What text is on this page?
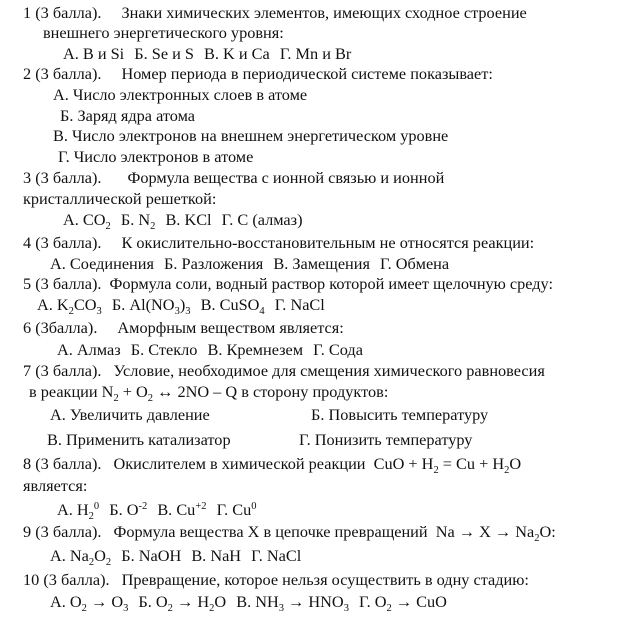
1 (3 балла). Знаки химических элементов, имеющих сходное строение
внешнего энергетического уровня:
А. B и Si Б. Se и S В. K и Ca Г. Mn и Br
2 (3 балла). Номер периода в периодической системе показывает:
А. Число электронных слоев в атоме
Б. Заряд ядра атома
В. Число электронов на внешнем энергетическом уровне
Г. Число электронов в атоме
3 (3 балла). Формула вещества с ионной связью и ионной
кристаллической решеткой:
А. $CO_2$ Б. $N_2$ В. KCl Г. C (алмаз)
4 (3 балла). К окислительно-восстановительным не относятся реакции:
А. Соединения Б. Разложения В. Замещения Г. Обмена
5 (3 балла). Формула соли, водный раствор которой имеет щелочную среду:
А. $K_2CO_3$ Б. $Al(NO_3)_3$ В. CuSO$_4$ Г. NaCl
6 (3балла). Аморфным веществом является:
А. Алмаз Б. Стекло В. Кремнезем Г. Сода
7 (3 балла). Условие, необходимое для смещения химического равновесия
в реакции $N_2 + O_2$ ↔ 2NO – Q в сторону продуктов:
А. Увеличить давление	Б. Повысить температуру
В. Применить катализатор	Г. Понизить температуру
8 (3 балла). Окислителем в химической реакции CuO + $H_2 = Cu + H_2O$
является:
А. $H_2^0$ Б. $O^{-2}$ В. $Cu^{+2}$ Г. Cu$^0$
9 (3 балла). Формула вещества X в цепочке превращений $Na \to X \to Na_2O$:
А. $Na_2O_2$ Б. NaOH В. NaH Г. NaCl
10 (3 балла). Превращение, которое нельзя осуществить в одну стадию:
А. $O_2 \to O_3$ Б. $O_2 \to H_2O$ В. $NH_3 \to HNO_3$ Г. $O_2$ → CuO
